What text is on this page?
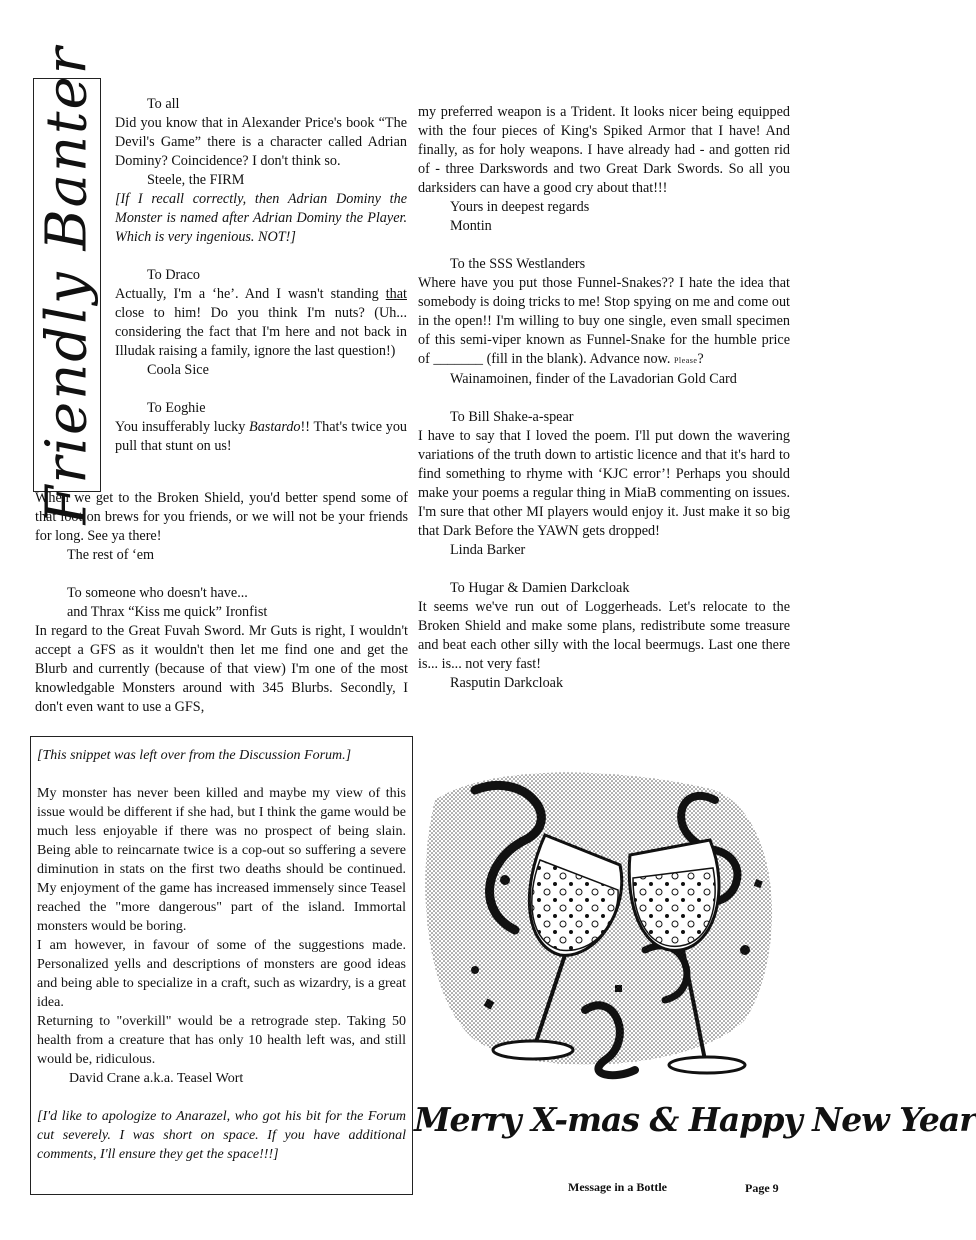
Friendly Banter	To all

Did you know that in Alexander Price's book “The Devil's Game” there is a character called Adrian Dominy? Coincidence? I don't think so.

Steele, the FIRM

[If I recall correctly, then Adrian Dominy the Monster is named after Adrian Dominy the Player. Which is very ingenious. NOT!]

To Draco

Actually, I'm a ‘he’. And I wasn't standing that close to him! Do you think I'm nuts? (Uh... considering the fact that I'm here and not back in Illudak raising a family, ignore the last question!)

Coola Sice

To Eoghie

You insufferably lucky Bastardo!! That's twice you pull that stunt on us!

When we get to the Broken Shield, you'd better spend some of that loot on brews for you friends, or we will not be your friends for long. See ya there!

The rest of ‘em

To someone who doesn't have...

and Thrax “Kiss me quick” Ironfist

In regard to the Great Fuvah Sword. Mr Guts is right, I wouldn't accept a GFS as it wouldn't then let me find one and get the Blurb and currently (because of that view) I'm one of the most knowledgable Monsters around with 345 Blurbs. Secondly, I don't even want to use a GFS,

my preferred weapon is a Trident. It looks nicer being equipped with the four pieces of King's Spiked Armor that I have! And finally, as for holy weapons. I have already had - and gotten rid of - three Darkswords and two Great Dark Swords. So all you darksiders can have a good cry about that!!!

Yours in deepest regards

Montin

To the SSS Westlanders

Where have you put those Funnel-Snakes?? I hate the idea that somebody is doing tricks to me! Stop spying on me and come out in the open!! I'm willing to buy one single, even small specimen of this semi-viper known as Funnel-Snake for the humble price of _______ (fill in the blank). Advance now. Please?

Wainamoinen, finder of the Lavadorian Gold Card

To Bill Shake-a-spear

I have to say that I loved the poem. I'll put down the wavering variations of the truth down to artistic licence and that it's hard to find something to rhyme with ‘KJC error’! Perhaps you should make your poems a regular thing in MiaB commenting on issues. I'm sure that other MI players would enjoy it. Just make it so big that Dark Before the YAWN gets dropped!

Linda Barker

To Hugar & Damien Darkcloak

It seems we've run out of Loggerheads. Let's relocate to the Broken Shield and make some plans, redistribute some treasure and beat each other silly with the local beermugs. Last one there is... is... not very fast!

Rasputin Darkcloak

[This snippet was left over from the Discussion Forum.]

My monster has never been killed and maybe my view of this issue would be different if she had, but I think the game would be much less enjoyable if there was no prospect of being slain. Being able to reincarnate twice is a cop-out so suffering a severe diminution in stats on the first two deaths should be continued. My enjoyment of the game has increased immensely since Teasel reached the "more dangerous" part of the island. Immortal monsters would be boring.

I am however, in favour of some of the suggestions made. Personalized yells and descriptions of monsters are good ideas and being able to specialize in a craft, such as wizardry, is a great idea.

Returning to "overkill" would be a retrograde step. Taking 50 health from a creature that has only 10 health left was, and still would be, ridiculous.

David Crane a.k.a. Teasel Wort

[I'd like to apologize to Anarazel, who got his bit for the Forum cut severely. I was short on space. If you have additional comments, I'll ensure they get the space!!!]

Merry X-mas & Happy New Year
Message in a Bottle	Page 9
